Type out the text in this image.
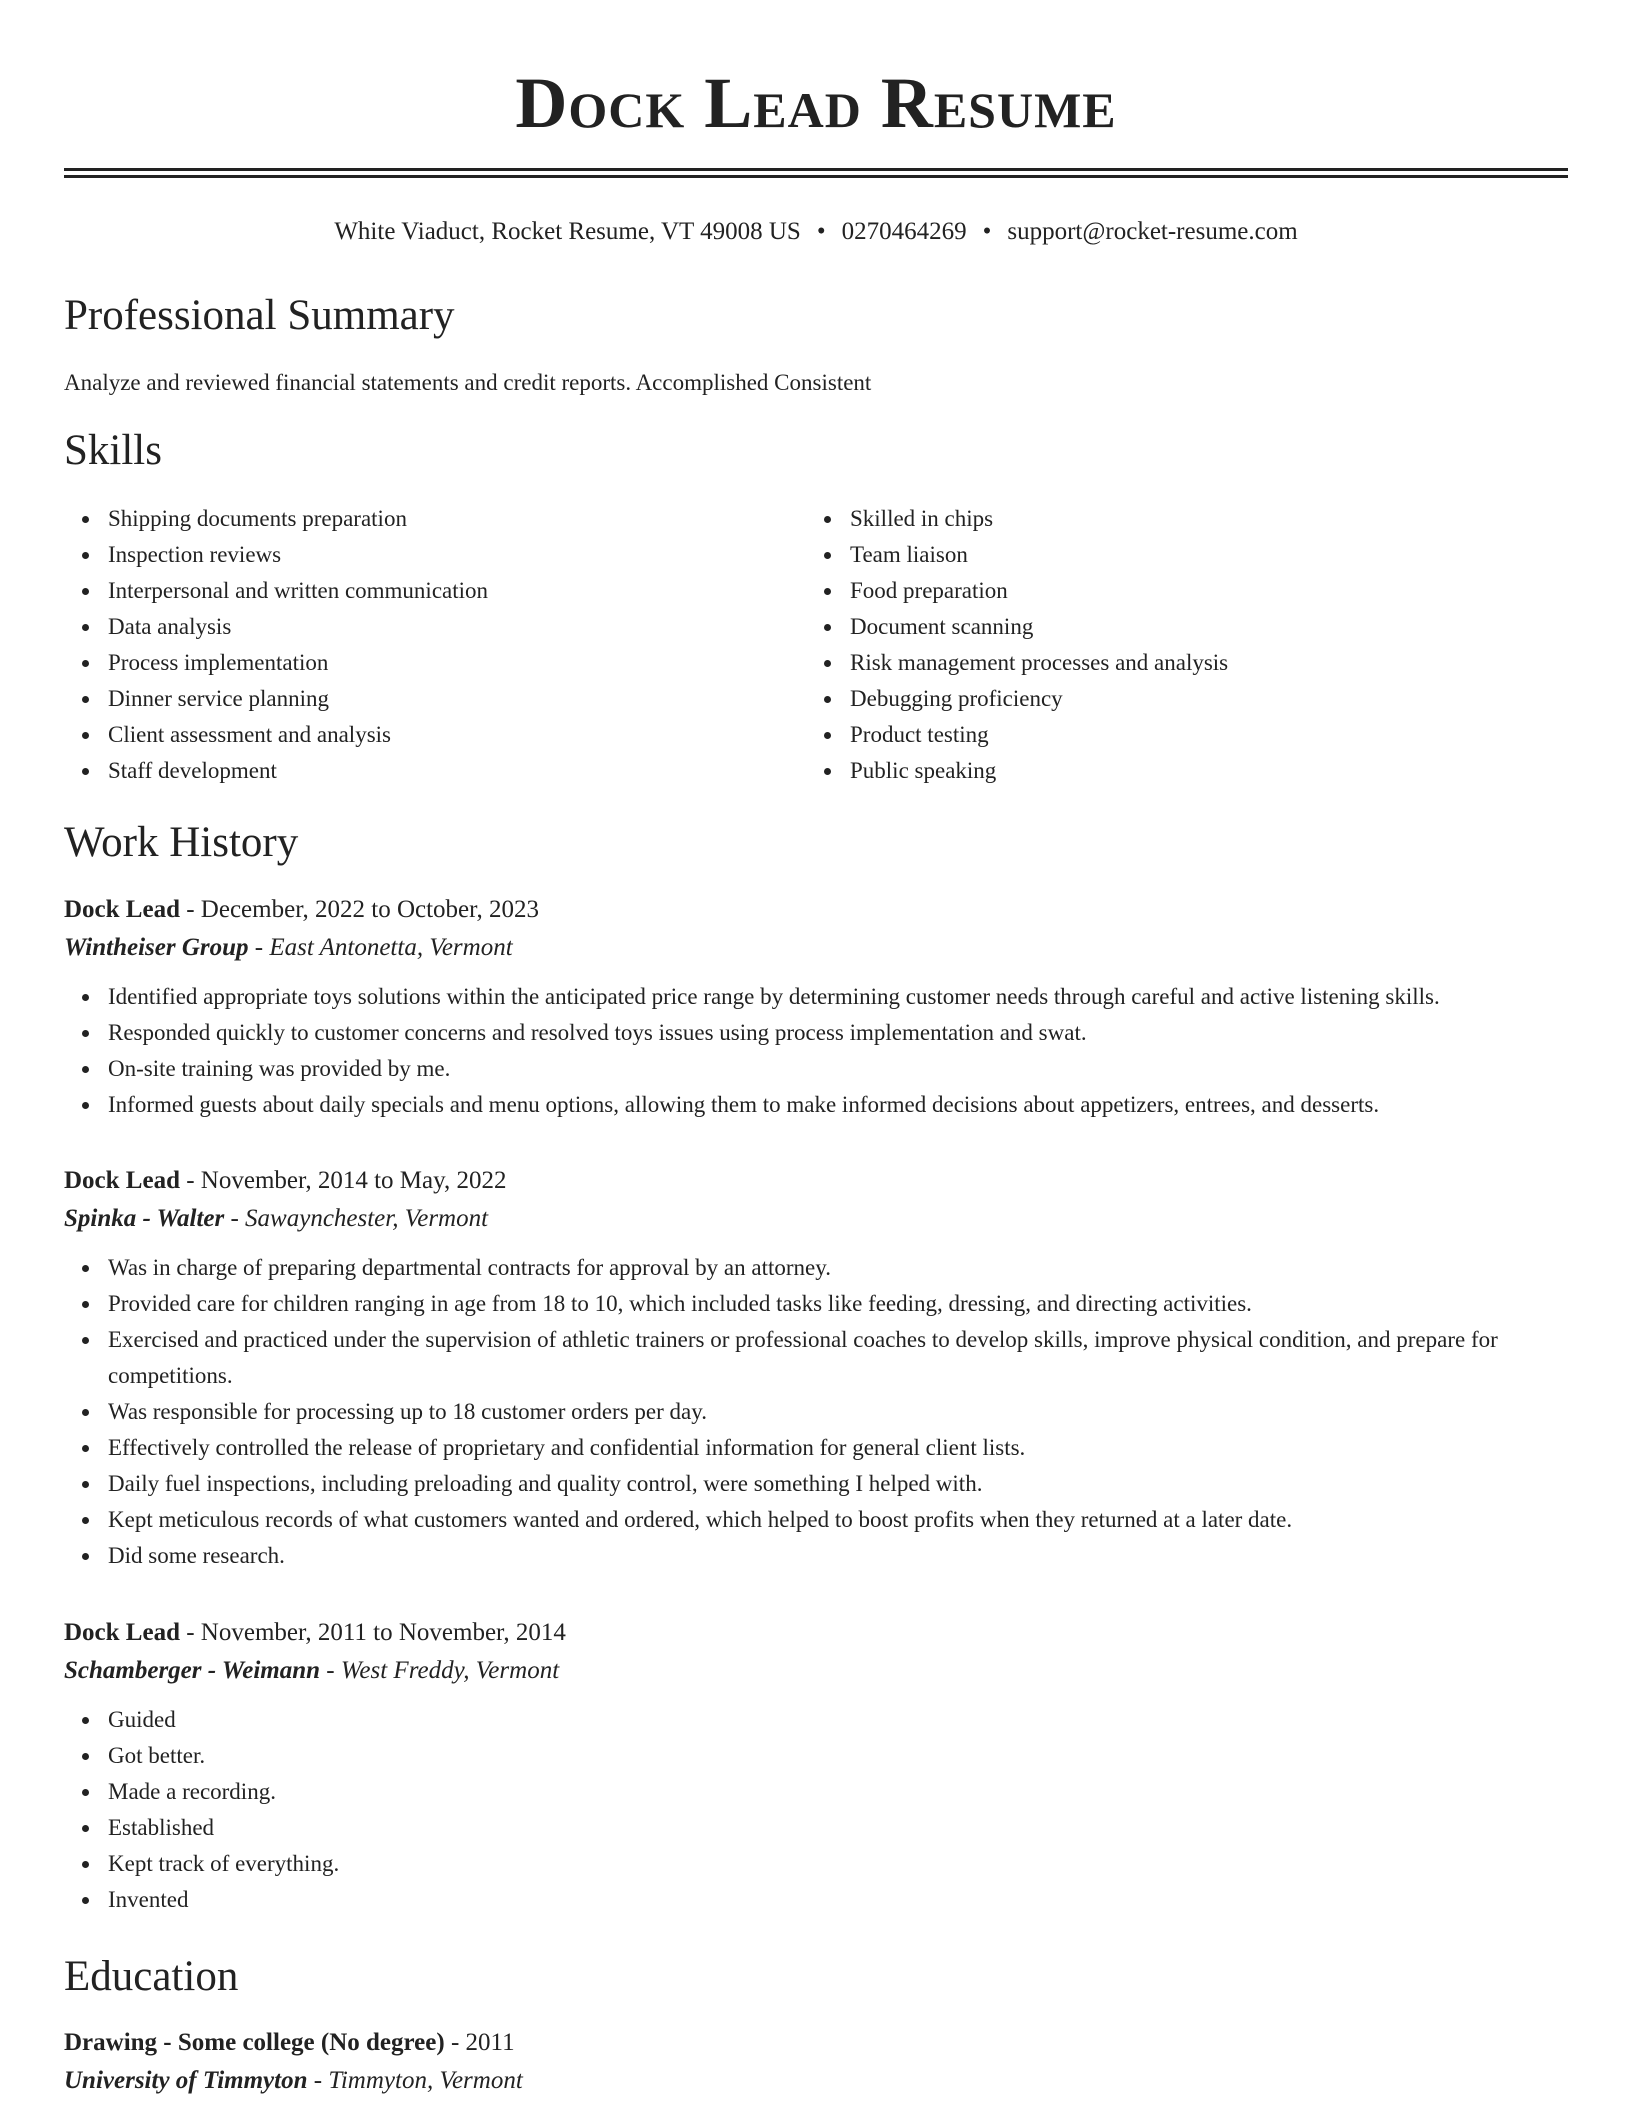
Dock Lead Resume
White Viaduct, Rocket Resume, VT 49008 US • 0270464269 • support@rocket-resume.com
Professional Summary
Analyze and reviewed financial statements and credit reports. Accomplished Consistent
Skills
Shipping documents preparation
Inspection reviews
Interpersonal and written communication
Data analysis
Process implementation
Dinner service planning
Client assessment and analysis
Staff development
Skilled in chips
Team liaison
Food preparation
Document scanning
Risk management processes and analysis
Debugging proficiency
Product testing
Public speaking
Work History
Dock Lead - December, 2022 to October, 2023
Wintheiser Group - East Antonetta, Vermont
Identified appropriate toys solutions within the anticipated price range by determining customer needs through careful and active listening skills.
Responded quickly to customer concerns and resolved toys issues using process implementation and swat.
On-site training was provided by me.
Informed guests about daily specials and menu options, allowing them to make informed decisions about appetizers, entrees, and desserts.
Dock Lead - November, 2014 to May, 2022
Spinka - Walter - Sawaynchester, Vermont
Was in charge of preparing departmental contracts for approval by an attorney.
Provided care for children ranging in age from 18 to 10, which included tasks like feeding, dressing, and directing activities.
Exercised and practiced under the supervision of athletic trainers or professional coaches to develop skills, improve physical condition, and prepare for competitions.
Was responsible for processing up to 18 customer orders per day.
Effectively controlled the release of proprietary and confidential information for general client lists.
Daily fuel inspections, including preloading and quality control, were something I helped with.
Kept meticulous records of what customers wanted and ordered, which helped to boost profits when they returned at a later date.
Did some research.
Dock Lead - November, 2011 to November, 2014
Schamberger - Weimann - West Freddy, Vermont
Guided
Got better.
Made a recording.
Established
Kept track of everything.
Invented
Education
Drawing - Some college (No degree) - 2011
University of Timmyton - Timmyton, Vermont
